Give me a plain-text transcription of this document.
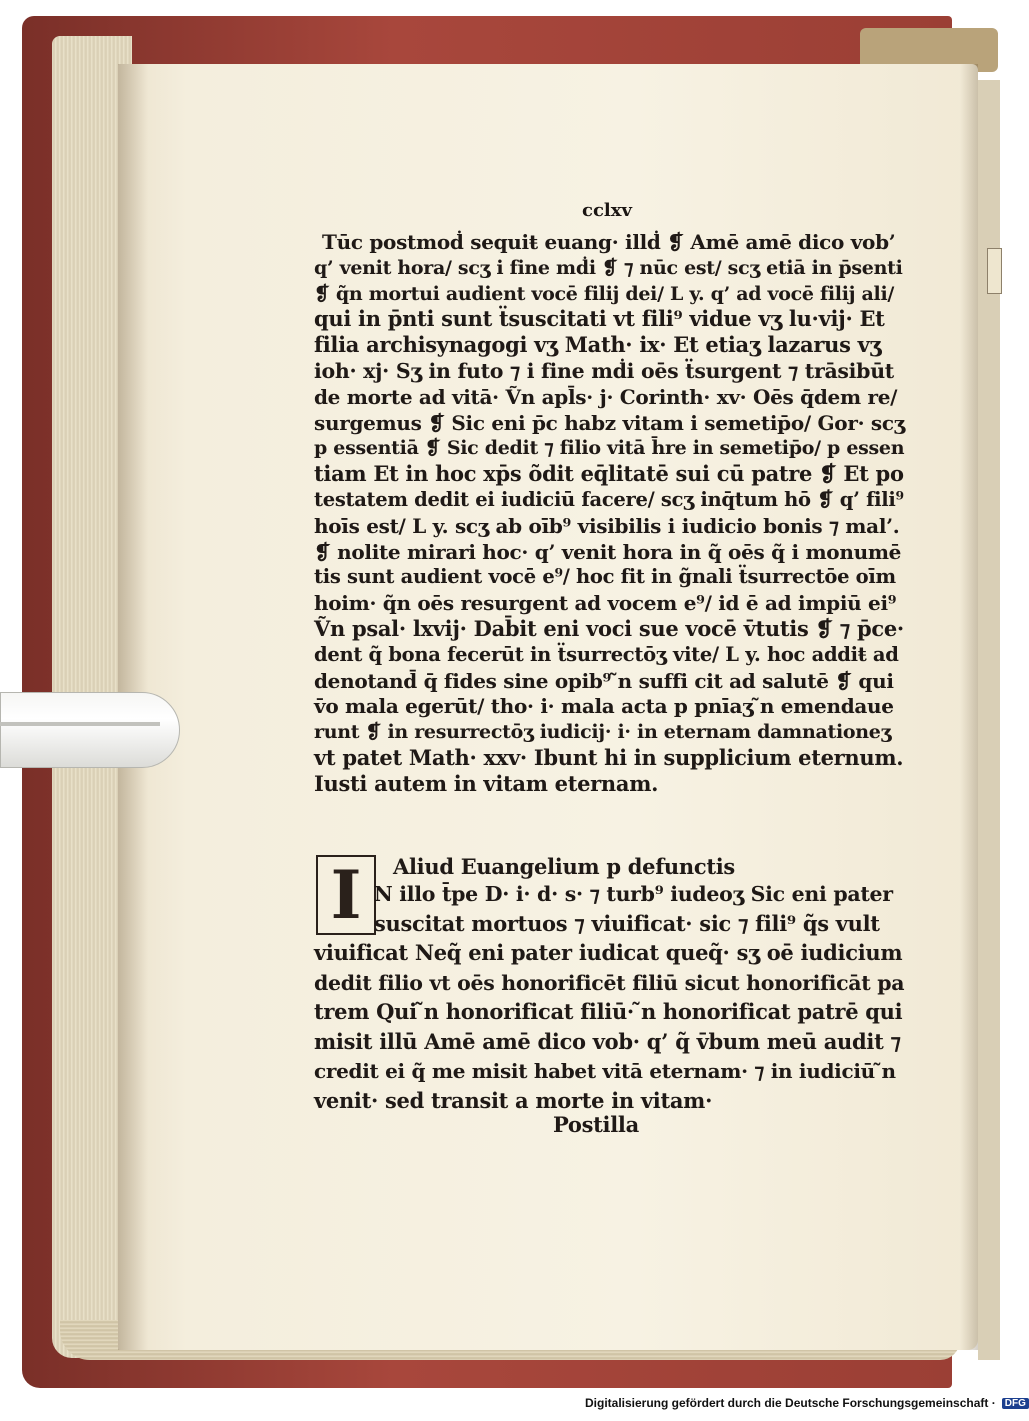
cclхv
Tūc postmoḋ sequiŧ euang· illḋ ❡ Amē amē dico vob’
q’ venit hora/ scʒ i fine mḋi ❡ ⁊ nūc est/ scʒ etiā in p̄senti
❡ q̃n mortui audient vocē filij dei/ L y. q’ ad vocē filij ali/
qui in p̄nti sunt ẗsuscitati vt fili⁹ vidue vʒ lu·vij· Et
filia archisynagogi vʒ Math· ix· Et etiaʒ lazarus vʒ
ioh· xj· Sʒ in futo ⁊ i fine mḋi oēs ẗsurgent ⁊ trāsibūt
de morte ad vitā· Ṽn apl̄s· j· Corinth· xv· Oēs q̄dem re/
surgemus ❡ Sic eni p̄c habz vitam i semetip̄o/ Gor· scʒ
p essentiā ❡ Sic dedit ⁊ filio vitā h̄re in semetip̄o/ p essen
tiam Et in hoc xp̄s õdit eq̄litatē sui cū patre ❡ Et po
testatem dedit ei iudiciū facere/ scʒ inq̄tum hō ❡ q’ fili⁹
hoīs est/ L y. scʒ ab oīb⁹ visibilis i iudicio bonis ⁊ mal’.
❡ nolite mirari hoc· q’ venit hora in q̃ oēs q̃ i monumē
tis sunt audient vocē e⁹/ hoc fit in g̃nali ẗsurrectōe oīm
hoim· q̃n oēs resurgent ad vocem e⁹/ id ē ad impiū ei⁹
Ṽn psal· lxvij· Dab̄it eni voci sue vocē v̄tutis ❡ ⁊ p̄ce·
dent q̃ bona fecerūt in ẗsurrectōʒ vite/ L y. hoc addiŧ ad
denotand̄ q̄ fides sine opib⁹ ̃n suffi cit ad salutē ❡ qui
v̄o mala egerūt/ tho· i· mala acta p pnīaʒ ̃n emendaue
runt ❡ in resurrectōʒ iudicij· i· in eternam damnationeʒ
vt patet Math· xxv· Ibunt hi in supplicium eternum.
Iusti autem in vitam eternam.
Aliud Euangelium p defunctis
I N illo t̄pe D· i· d· s· ⁊ turb⁹ iudeoʒ Sic eni pater
suscitat mortuos ⁊ viuificat· sic ⁊ fili⁹ q̃s vult
viuificat Neq̃ eni pater iudicat queq̃· sʒ oē iudicium
dedit filio vt oēs honorificēt filiū sicut honorificāt pa
trem Qui ̃n honorificat filiū· ̃n honorificat patrē qui
misit illū Amē amē dico vob· q’ q̃ v̄bum meū audit ⁊
credit ei q̃ me misit habet vitā eternam· ⁊ in iudiciū ̃n
venit· sed transit a morte in vitam·
Postilla
Digitalisierung gefördert durch die Deutsche Forschungsgemeinschaft · DFG
